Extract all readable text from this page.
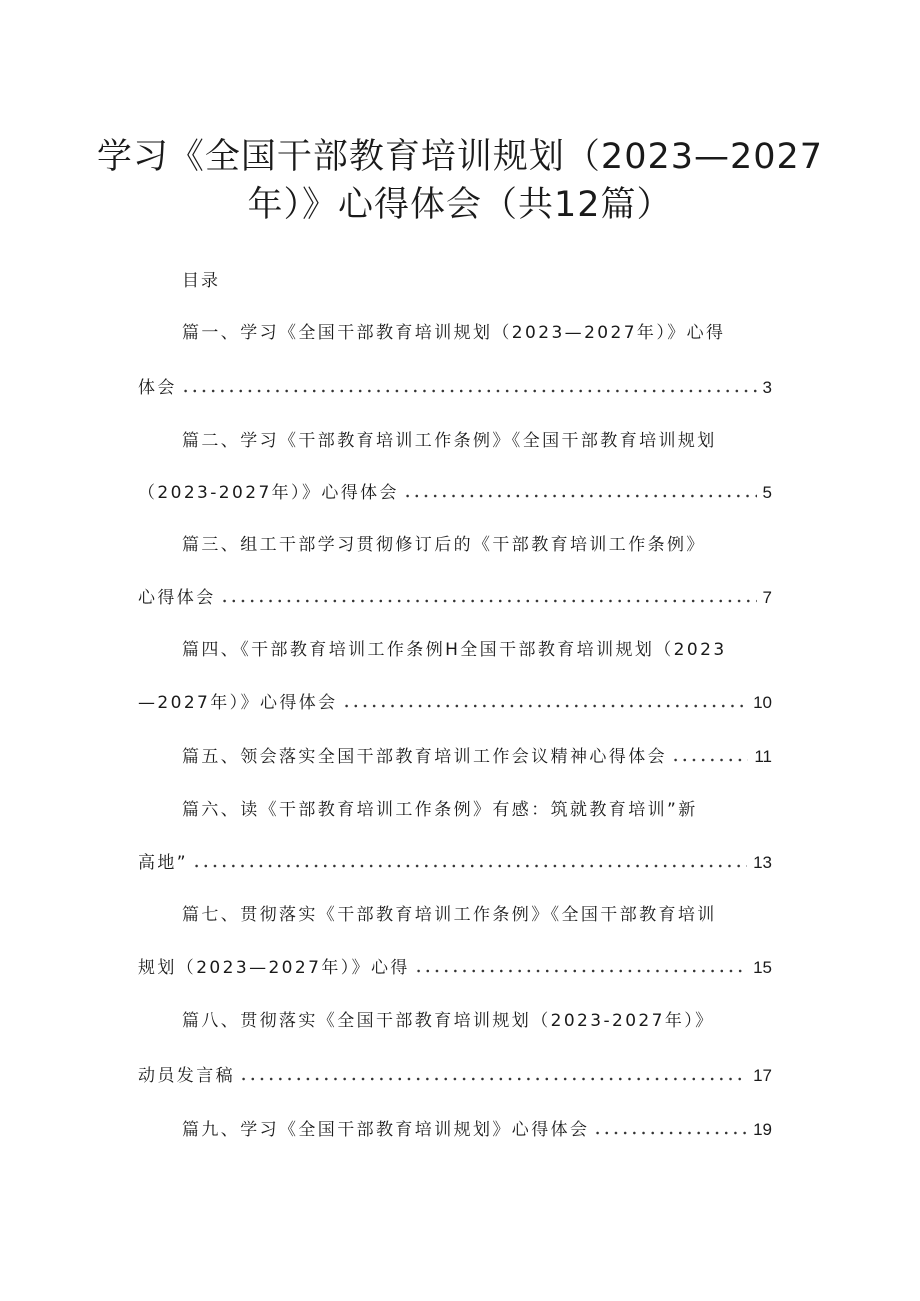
学习《全国干部教育培训规划（2023—2027
年）》心得体会（共12篇）
目录
篇一、学习《全国干部教育培训规划（2023—2027年）》心得
体会	3
篇二、学习《干部教育培训工作条例》《全国干部教育培训规划
（2023-2027年）》心得体会	5
篇三、组工干部学习贯彻修订后的《干部教育培训工作条例》
心得体会	7
篇四、《干部教育培训工作条例H全国干部教育培训规划（2023
—2027年）》心得体会	10
篇五、领会落实全国干部教育培训工作会议精神心得体会	11
篇六、读《干部教育培训工作条例》有感：筑就教育培训”新
高地”	13
篇七、贯彻落实《干部教育培训工作条例》《全国干部教育培训
规划（2023—2027年）》心得	15
篇八、贯彻落实《全国干部教育培训规划（2023-2027年）》
动员发言稿	17
篇九、学习《全国干部教育培训规划》心得体会	19
